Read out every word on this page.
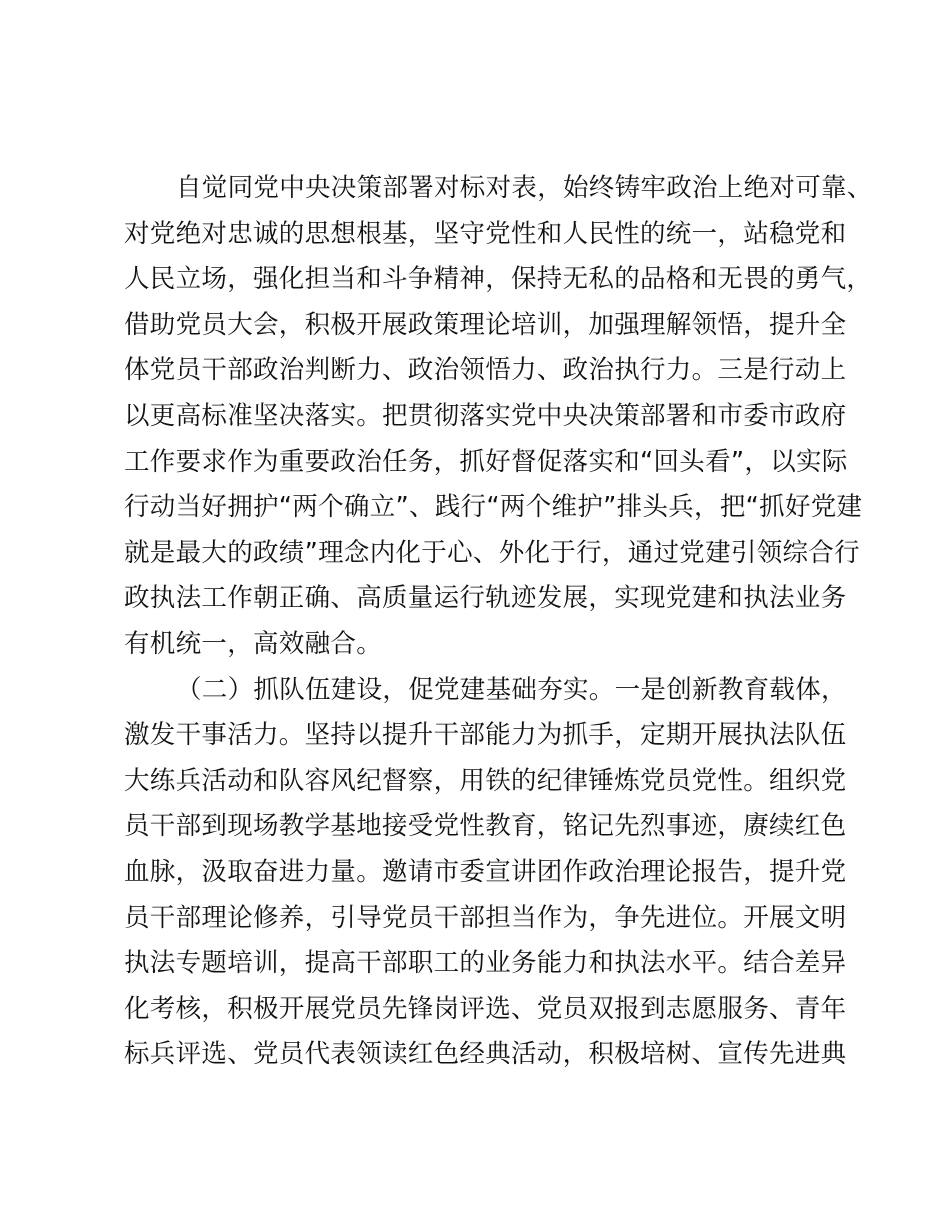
自觉同党中央决策部署对标对表，始终铸牢政治上绝对可靠、
对党绝对忠诚的思想根基，坚守党性和人民性的统一，站稳党和
人民立场，强化担当和斗争精神，保持无私的品格和无畏的勇气，
借助党员大会，积极开展政策理论培训，加强理解领悟，提升全
体党员干部政治判断力、政治领悟力、政治执行力。三是行动上
以更高标准坚决落实。把贯彻落实党中央决策部署和市委市政府
工作要求作为重要政治任务，抓好督促落实和“回头看”，以实际
行动当好拥护“两个确立”、践行“两个维护”排头兵，把“抓好党建
就是最大的政绩”理念内化于心、外化于行，通过党建引领综合行
政执法工作朝正确、高质量运行轨迹发展，实现党建和执法业务
有机统一，高效融合。
（二）抓队伍建设，促党建基础夯实。一是创新教育载体，
激发干事活力。坚持以提升干部能力为抓手，定期开展执法队伍
大练兵活动和队容风纪督察，用铁的纪律锤炼党员党性。组织党
员干部到现场教学基地接受党性教育，铭记先烈事迹，赓续红色
血脉，汲取奋进力量。邀请市委宣讲团作政治理论报告，提升党
员干部理论修养，引导党员干部担当作为，争先进位。开展文明
执法专题培训，提高干部职工的业务能力和执法水平。结合差异
化考核，积极开展党员先锋岗评选、党员双报到志愿服务、青年
标兵评选、党员代表领读红色经典活动，积极培树、宣传先进典
